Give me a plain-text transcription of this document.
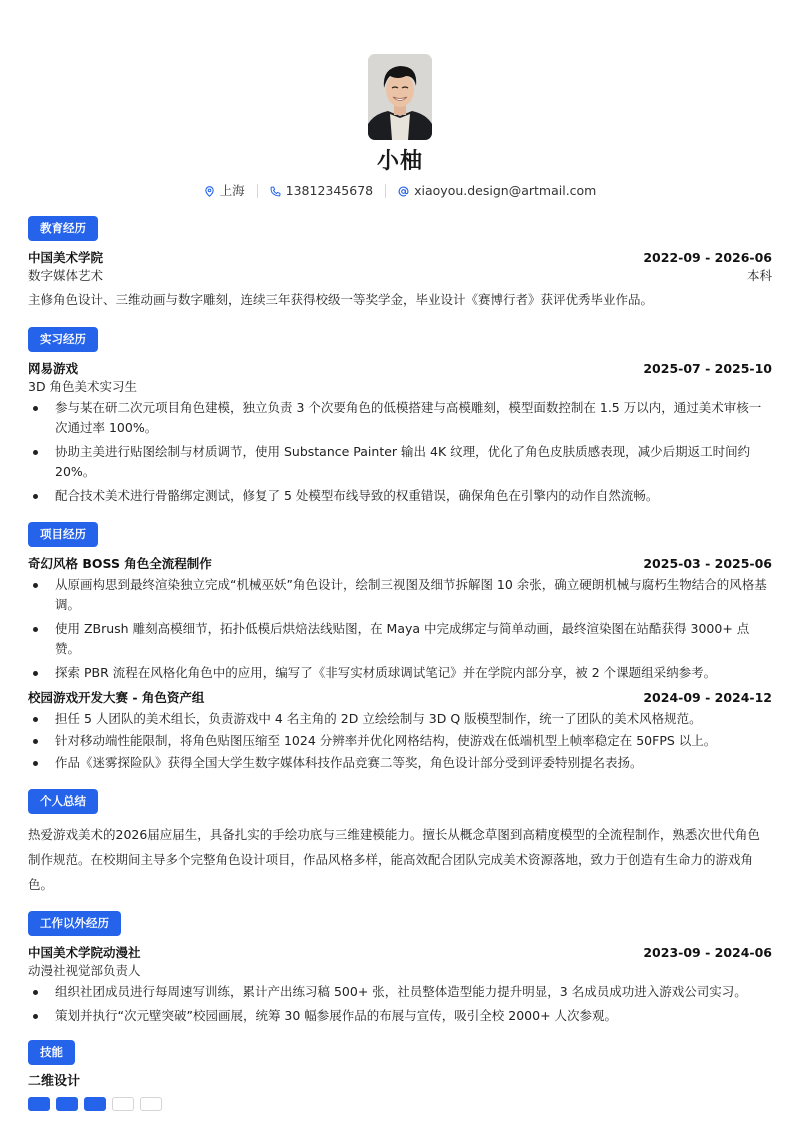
小柚
上海	13812345678	xiaoyou.design@artmail.com
教育经历
中国美术学院	2022-09 - 2026-06
数字媒体艺术	本科
主修角色设计、三维动画与数字雕刻，连续三年获得校级一等奖学金，毕业设计《赛博行者》获评优秀毕业作品。
实习经历
网易游戏	2025-07 - 2025-10
3D 角色美术实习生
参与某在研二次元项目角色建模，独立负责 3 个次要角色的低模搭建与高模雕刻，模型面数控制在 1.5 万以内，通过美术审核一次通过率 100%。
协助主美进行贴图绘制与材质调节，使用 Substance Painter 输出 4K 纹理，优化了角色皮肤质感表现，减少后期返工时间约 20%。
配合技术美术进行骨骼绑定测试，修复了 5 处模型布线导致的权重错误，确保角色在引擎内的动作自然流畅。
项目经历
奇幻风格 BOSS 角色全流程制作	2025-03 - 2025-06
从原画构思到最终渲染独立完成“机械巫妖”角色设计，绘制三视图及细节拆解图 10 余张，确立硬朗机械与腐朽生物结合的风格基调。
使用 ZBrush 雕刻高模细节，拓扑低模后烘焙法线贴图，在 Maya 中完成绑定与简单动画，最终渲染图在站酷获得 3000+ 点赞。
探索 PBR 流程在风格化角色中的应用，编写了《非写实材质球调试笔记》并在学院内部分享，被 2 个课题组采纳参考。
校园游戏开发大赛 - 角色资产组	2024-09 - 2024-12
担任 5 人团队的美术组长，负责游戏中 4 名主角的 2D 立绘绘制与 3D Q 版模型制作，统一了团队的美术风格规范。
针对移动端性能限制，将角色贴图压缩至 1024 分辨率并优化网格结构，使游戏在低端机型上帧率稳定在 50FPS 以上。
作品《迷雾探险队》获得全国大学生数字媒体科技作品竞赛二等奖，角色设计部分受到评委特别提名表扬。
个人总结
热爱游戏美术的2026届应届生，具备扎实的手绘功底与三维建模能力。擅长从概念草图到高精度模型的全流程制作，熟悉次世代角色制作规范。在校期间主导多个完整角色设计项目，作品风格多样，能高效配合团队完成美术资源落地，致力于创造有生命力的游戏角色。
工作以外经历
中国美术学院动漫社	2023-09 - 2024-06
动漫社视觉部负责人
组织社团成员进行每周速写训练，累计产出练习稿 500+ 张，社员整体造型能力提升明显，3 名成员成功进入游戏公司实习。
策划并执行“次元壁突破”校园画展，统筹 30 幅参展作品的布展与宣传，吸引全校 2000+ 人次参观。
技能
二维设计
